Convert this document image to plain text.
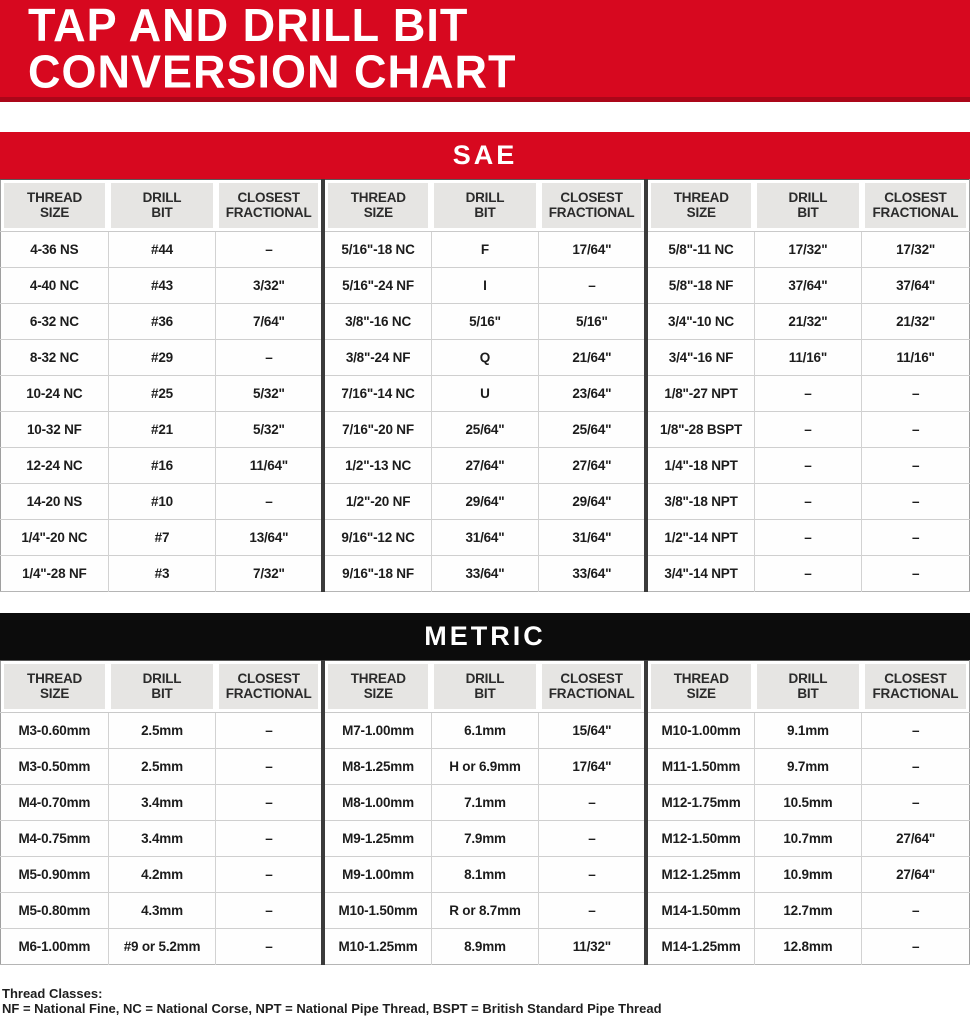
TAP AND DRILL BIT
CONVERSION CHART
SAE
THREAD SIZE	DRILL BIT	CLOSEST FRACTIONAL	THREAD SIZE	DRILL BIT	CLOSEST FRACTIONAL	THREAD SIZE	DRILL BIT	CLOSEST FRACTIONAL

4-36 NS	#44	–	5/16"-18 NC	F	17/64"	5/8"-11 NC	17/32"	17/32"
4-40 NC	#43	3/32"	5/16"-24 NF	I	–	5/8"-18 NF	37/64"	37/64"
6-32 NC	#36	7/64"	3/8"-16 NC	5/16"	5/16"	3/4"-10 NC	21/32"	21/32"
8-32 NC	#29	–	3/8"-24 NF	Q	21/64"	3/4"-16 NF	11/16"	11/16"
10-24 NC	#25	5/32"	7/16"-14 NC	U	23/64"	1/8"-27 NPT	–	–
10-32 NF	#21	5/32"	7/16"-20 NF	25/64"	25/64"	1/8"-28 BSPT	–	–
12-24 NC	#16	11/64"	1/2"-13 NC	27/64"	27/64"	1/4"-18 NPT	–	–
14-20 NS	#10	–	1/2"-20 NF	29/64"	29/64"	3/8"-18 NPT	–	–
1/4"-20 NC	#7	13/64"	9/16"-12 NC	31/64"	31/64"	1/2"-14 NPT	–	–
1/4"-28 NF	#3	7/32"	9/16"-18 NF	33/64"	33/64"	3/4"-14 NPT	–	–
METRIC
THREAD SIZE	DRILL BIT	CLOSEST FRACTIONAL	THREAD SIZE	DRILL BIT	CLOSEST FRACTIONAL	THREAD SIZE	DRILL BIT	CLOSEST FRACTIONAL

M3-0.60mm	2.5mm	–	M7-1.00mm	6.1mm	15/64"	M10-1.00mm	9.1mm	–
M3-0.50mm	2.5mm	–	M8-1.25mm	H or 6.9mm	17/64"	M11-1.50mm	9.7mm	–
M4-0.70mm	3.4mm	–	M8-1.00mm	7.1mm	–	M12-1.75mm	10.5mm	–
M4-0.75mm	3.4mm	–	M9-1.25mm	7.9mm	–	M12-1.50mm	10.7mm	27/64"
M5-0.90mm	4.2mm	–	M9-1.00mm	8.1mm	–	M12-1.25mm	10.9mm	27/64"
M5-0.80mm	4.3mm	–	M10-1.50mm	R or 8.7mm	–	M14-1.50mm	12.7mm	–
M6-1.00mm	#9 or 5.2mm	–	M10-1.25mm	8.9mm	11/32"	M14-1.25mm	12.8mm	–
Thread Classes:
NF = National Fine, NC = National Corse, NPT = National Pipe Thread, BSPT = British Standard Pipe Thread
